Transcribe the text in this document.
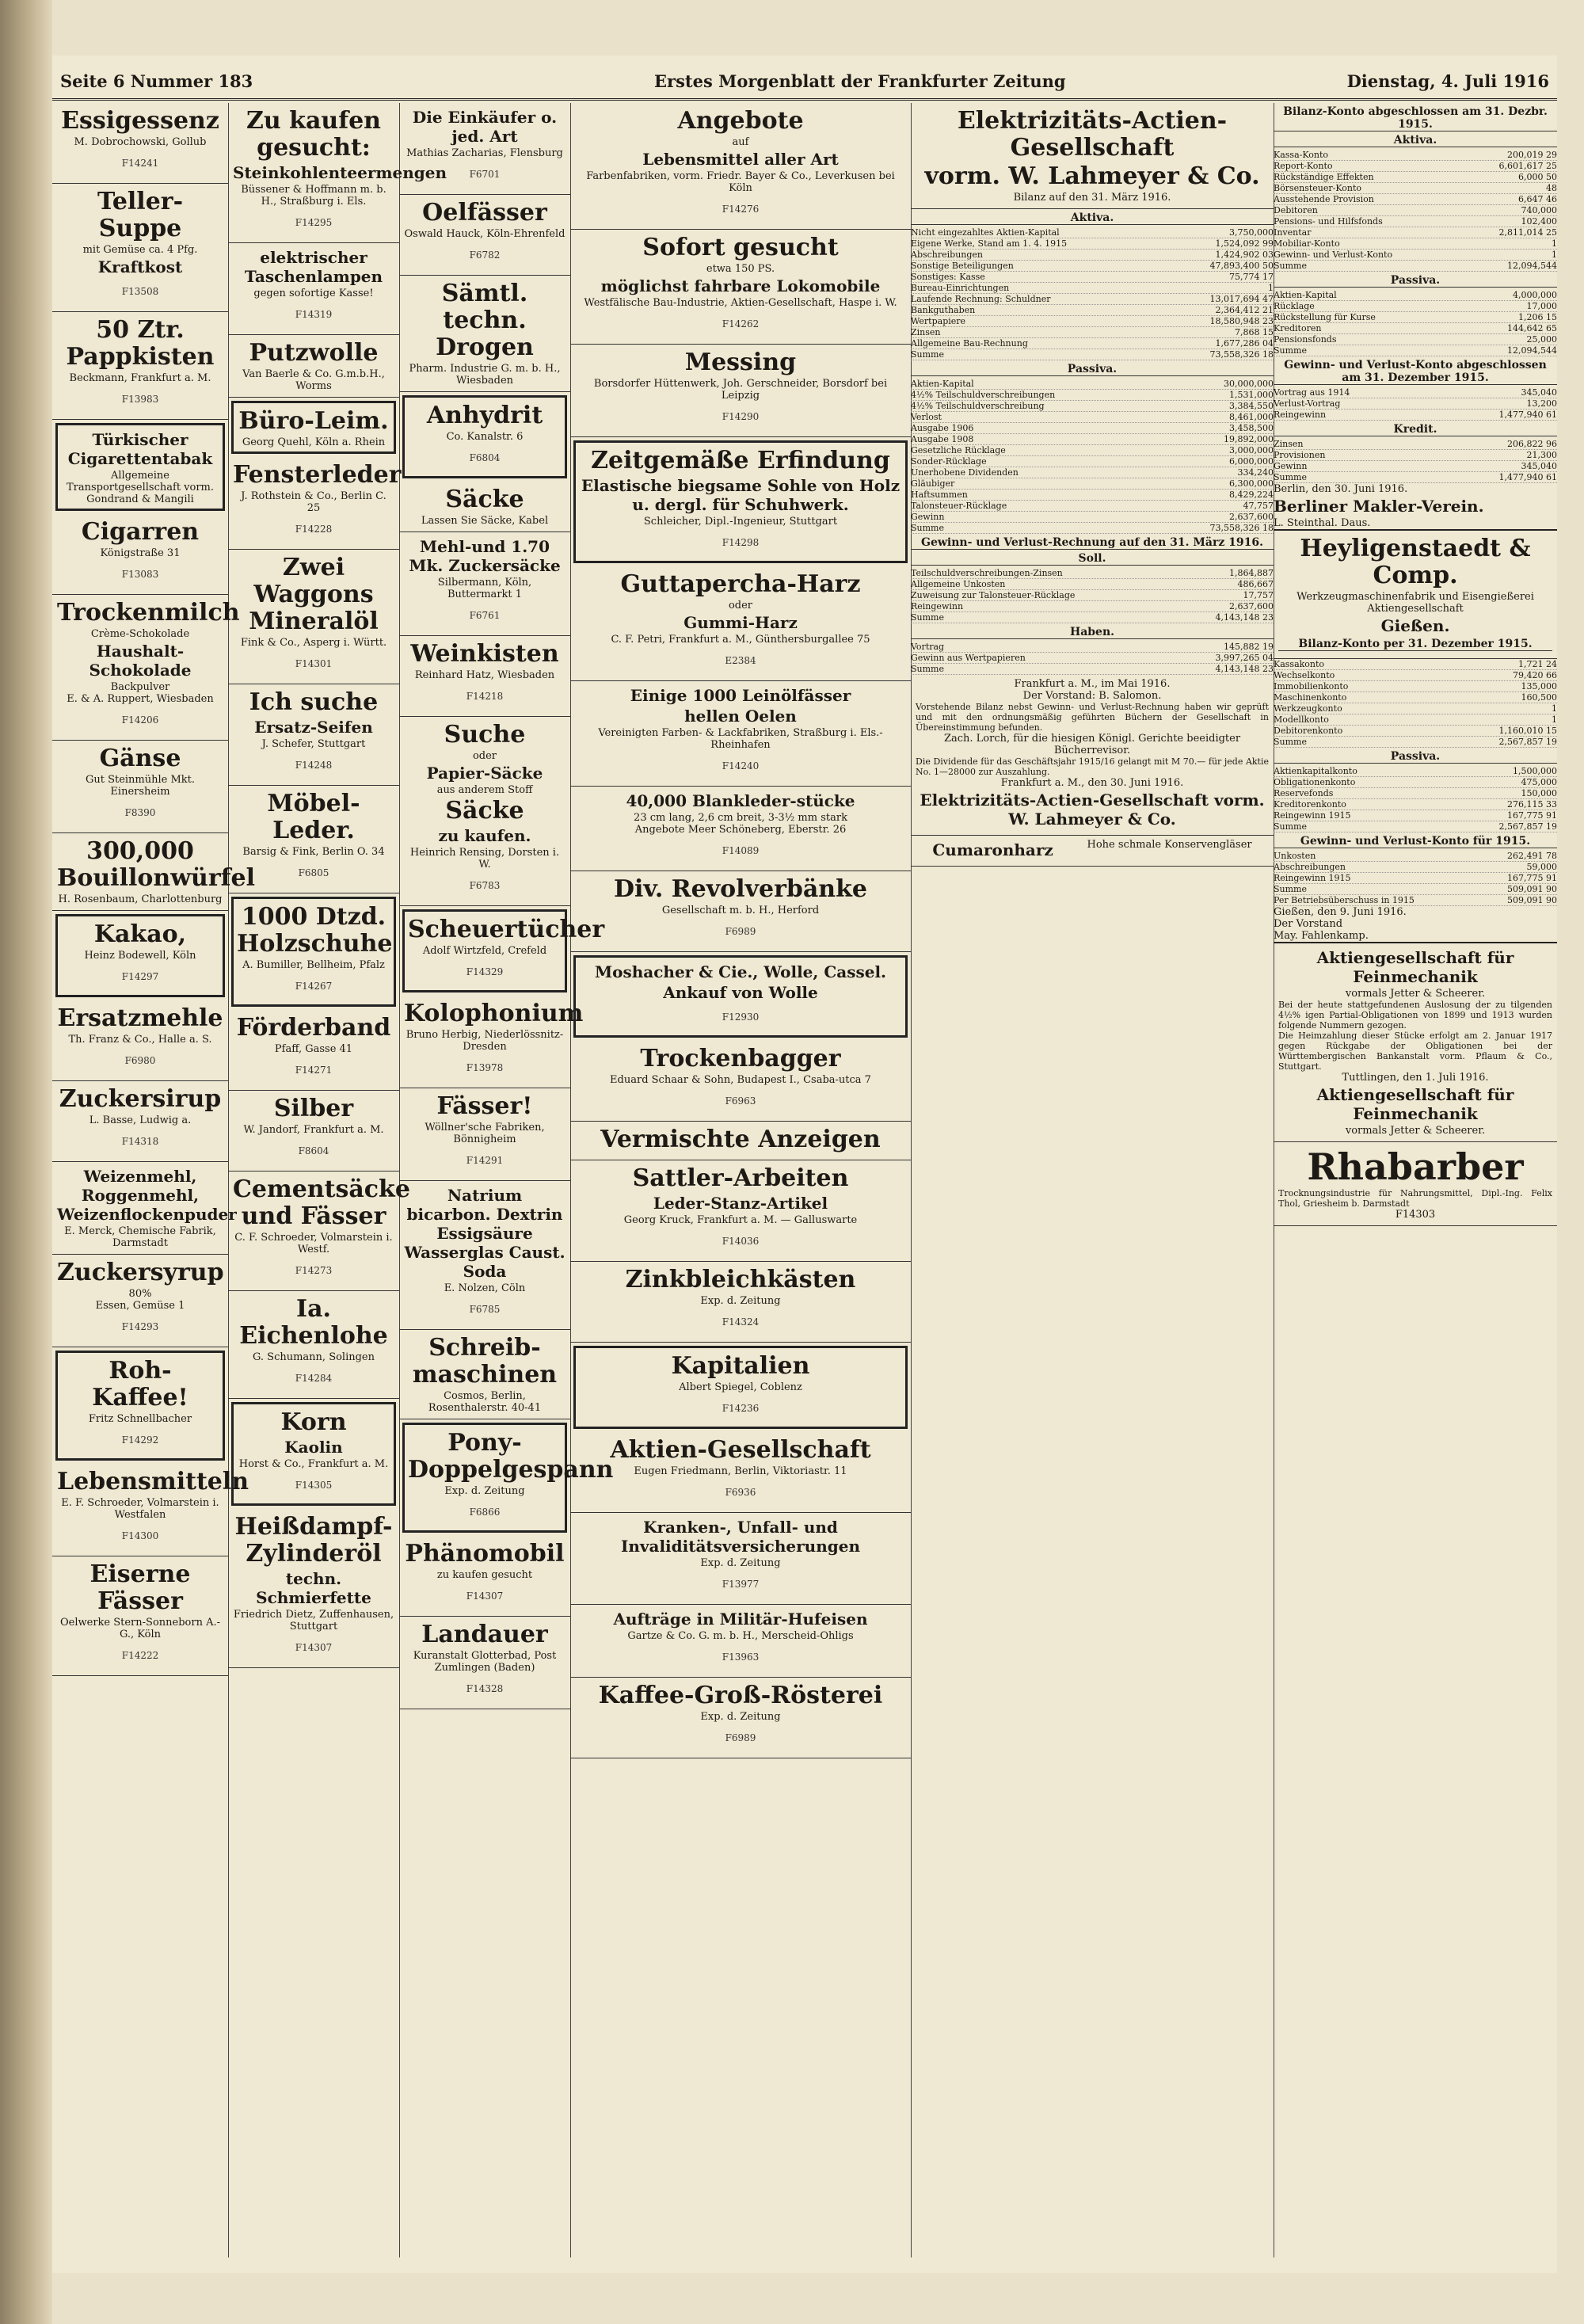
Seite 6 Nummer 183	Erstes Morgenblatt der Frankfurter Zeitung	Dienstag, 4. Juli 1916

Essigessenz

M. Dobrochowski, Gollub

F14241

Teller-Suppe

mit Gemüse ca. 4 Pfg.

Kraftkost

F13508

50 Ztr. Pappkisten

Beckmann, Frankfurt a. M.

F13983

Türkischer Cigarettentabak

Allgemeine Transportgesellschaft vorm. Gondrand & Mangili

Cigarren

Königstraße 31

F13083

Trockenmilch

Crème-Schokolade

Haushalt-Schokolade

Backpulver

E. & A. Ruppert, Wiesbaden

F14206

Gänse

Gut Steinmühle Mkt. Einersheim

F8390

300,000 Bouillonwürfel

H. Rosenbaum, Charlottenburg

Kakao,

Heinz Bodewell, Köln

F14297

Ersatzmehle

Th. Franz & Co., Halle a. S.

F6980

Zuckersirup

L. Basse, Ludwig a.

F14318

Weizenmehl, Roggenmehl, Weizenflockenpuder

E. Merck, Chemische Fabrik, Darmstadt

Zuckersyrup

80%

Essen, Gemüse 1

F14293

Roh-Kaffee!

Fritz Schnellbacher

F14292

Lebensmitteln

E. F. Schroeder, Volmarstein i. Westfalen

F14300

Eiserne Fässer

Oelwerke Stern-Sonneborn A.-G., Köln

F14222

Zu kaufen gesucht:

Steinkohlenteermengen

Büssener & Hoffmann m. b. H., Straßburg i. Els.

F14295

elektrischer Taschenlampen

gegen sofortige Kasse!

F14319

Putzwolle

Van Baerle & Co. G.m.b.H., Worms

Büro-Leim.

Georg Quehl, Köln a. Rhein

Fensterleder

J. Rothstein & Co., Berlin C. 25

F14228

Zwei Waggons Mineralöl

Fink & Co., Asperg i. Württ.

F14301

Ich suche

Ersatz-Seifen

J. Schefer, Stuttgart

F14248

Möbel-Leder.

Barsig & Fink, Berlin O. 34

F6805

1000 Dtzd. Holzschuhe

A. Bumiller, Bellheim, Pfalz

F14267

Förderband

Pfaff, Gasse 41

F14271

Silber

W. Jandorf, Frankfurt a. M.

F8604

Cementsäcke und Fässer

C. F. Schroeder, Volmarstein i. Westf.

F14273

Ia. Eichenlohe

G. Schumann, Solingen

F14284

Korn

Kaolin

Horst & Co., Frankfurt a. M.

F14305

Heißdampf-Zylinderöl

techn. Schmierfette

Friedrich Dietz, Zuffenhausen, Stuttgart

F14307

Die Einkäufer o. jed. Art

Mathias Zacharias, Flensburg

F6701

Oelfässer

Oswald Hauck, Köln-Ehrenfeld

F6782

Sämtl. techn. Drogen

Pharm. Industrie G. m. b. H., Wiesbaden

Anhydrit

Co. Kanalstr. 6

F6804

Säcke

Lassen Sie Säcke, Kabel

Mehl-und 1.70 Mk. Zuckersäcke

Silbermann, Köln, Buttermarkt 1

F6761

Weinkisten

Reinhard Hatz, Wiesbaden

F14218

Suche

oder

Papier-Säcke

aus anderem Stoff

Säcke

zu kaufen.

Heinrich Rensing, Dorsten i. W.

F6783

Scheuertücher

Adolf Wirtzfeld, Crefeld

F14329

Kolophonium

Bruno Herbig, Niederlössnitz-Dresden

F13978

Fässer!

Wöllner'sche Fabriken, Bönnigheim

F14291

Natrium bicarbon. Dextrin Essigsäure Wasserglas Caust. Soda

E. Nolzen, Cöln

F6785

Schreib-maschinen

Cosmos, Berlin, Rosenthalerstr. 40-41

Pony-Doppelgespann

Exp. d. Zeitung

F6866

Phänomobil

zu kaufen gesucht

F14307

Landauer

Kuranstalt Glotterbad, Post Zumlingen (Baden)

F14328

Angebote

auf

Lebensmittel aller Art

Farbenfabriken, vorm. Friedr. Bayer & Co., Leverkusen bei Köln

F14276

Sofort gesucht

etwa 150 PS.

möglichst fahrbare Lokomobile

Westfälische Bau-Industrie, Aktien-Gesellschaft, Haspe i. W.

F14262

Messing

Borsdorfer Hüttenwerk, Joh. Gerschneider, Borsdorf bei Leipzig

F14290

Zeitgemäße Erfindung

Elastische biegsame Sohle von Holz u. dergl. für Schuhwerk.

Schleicher, Dipl.-Ingenieur, Stuttgart

F14298

Guttapercha-Harz

oder

Gummi-Harz

C. F. Petri, Frankfurt a. M., Günthersburgallee 75

E2384

Einige 1000 Leinölfässer

hellen Oelen

Vereinigten Farben- & Lackfabriken, Straßburg i. Els.-Rheinhafen

F14240

40,000 Blankleder-stücke

23 cm lang, 2,6 cm breit, 3-3½ mm stark

Angebote Meer Schöneberg, Eberstr. 26

F14089

Div. Revolverbänke

Gesellschaft m. b. H., Herford

F6989

Moshacher & Cie., Wolle, Cassel.

Ankauf von Wolle

F12930

Trockenbagger

Eduard Schaar & Sohn, Budapest I., Csaba-utca 7

F6963

Vermischte Anzeigen

Sattler-Arbeiten

Leder-Stanz-Artikel

Georg Kruck, Frankfurt a. M. — Galluswarte

F14036

Zinkbleichkästen

Exp. d. Zeitung

F14324

Kapitalien

Albert Spiegel, Coblenz

F14236

Aktien-Gesellschaft

Eugen Friedmann, Berlin, Viktoriastr. 11

F6936

Kranken-, Unfall- und Invaliditätsversicherungen

Exp. d. Zeitung

F13977

Aufträge in Militär-Hufeisen

Gartze & Co. G. m. b. H., Merscheid-Ohligs

F13963

Kaffee-Groß-Rösterei

Exp. d. Zeitung

F6989

Elektrizitäts-Actien-Gesellschaft

vorm. W. Lahmeyer & Co.

Bilanz auf den 31. März 1916.

Aktiva.

Nicht eingezahltes Aktien-Kapital	3,750,000
Eigene Werke, Stand am 1. 4. 1915	1,524,092 99
Abschreibungen	1,424,902 03
Sonstige Beteiligungen	47,893,400 50
Sonstiges: Kasse	75,774 17
Bureau-Einrichtungen	1
Laufende Rechnung: Schuldner	13,017,694 47
Bankguthaben	2,364,412 21
Wertpapiere	18,580,948 23
Zinsen	7,868 15
Allgemeine Bau-Rechnung	1,677,286 04
Summe	73,558,326 18

Passiva.

Aktien-Kapital	30,000,000
4½% Teilschuldverschreibungen	1,531,000
4½% Teilschuldverschreibung	3,384,550
Verlost	8,461,000
Ausgabe 1906	3,458,500
Ausgabe 1908	19,892,000
Gesetzliche Rücklage	3,000,000
Sonder-Rücklage	6,000,000
Unerhobene Dividenden	334,240
Gläubiger	6,300,000
Haftsummen	8,429,224
Talonsteuer-Rücklage	47,757
Gewinn	2,637,600
Summe	73,558,326 18

Gewinn- und Verlust-Rechnung auf den 31. März 1916.

Soll.

Teilschuldverschreibungen-Zinsen	1,864,887
Allgemeine Unkosten	486,667
Zuweisung zur Talonsteuer-Rücklage	17,757
Reingewinn	2,637,600
Summe	4,143,148 23

Haben.

Vortrag	145,882 19
Gewinn aus Wertpapieren	3,997,265 04
Summe	4,143,148 23

Frankfurt a. M., im Mai 1916.

Der Vorstand: B. Salomon.

Vorstehende Bilanz nebst Gewinn- und Verlust-Rechnung haben wir geprüft und mit den ordnungsmäßig geführten Büchern der Gesellschaft in Übereinstimmung befunden.

Zach. Lorch, für die hiesigen Königl. Gerichte beeidigter Bücherrevisor.

Die Dividende für das Geschäftsjahr 1915/16 gelangt mit M 70.— für jede Aktie No. 1—28000 zur Auszahlung.

Frankfurt a. M., den 30. Juni 1916.

Elektrizitäts-Actien-Gesellschaft vorm. W. Lahmeyer & Co.

Cumaronharz	Hohe schmale Konservengläser

Bilanz-Konto abgeschlossen am 31. Dezbr. 1915.

Aktiva.

Kassa-Konto	200,019 29
Report-Konto	6,601,617 25
Rückständige Effekten	6,000 50
Börsensteuer-Konto	48
Ausstehende Provision	6,647 46
Debitoren	740,000
Pensions- und Hilfsfonds	102,400
Inventar	2,811,014 25
Mobiliar-Konto	1
Gewinn- und Verlust-Konto	1
Summe	12,094,544

Passiva.

Aktien-Kapital	4,000,000
Rücklage	17,000
Rückstellung für Kurse	1,206 15
Kreditoren	144,642 65
Pensionsfonds	25,000
Summe	12,094,544

Gewinn- und Verlust-Konto abgeschlossen am 31. Dezember 1915.

Vortrag aus 1914	345,040
Verlust-Vortrag	13,200
Reingewinn	1,477,940 61

Kredit.

Zinsen	206,822 96
Provisionen	21,300
Gewinn	345,040
Summe	1,477,940 61

Berlin, den 30. Juni 1916.

Berliner Makler-Verein.

L. Steinthal. Daus.

Heyligenstaedt & Comp.

Werkzeugmaschinenfabrik und Eisengießerei

Aktiengesellschaft

Gießen.

Bilanz-Konto per 31. Dezember 1915.

Kassakonto	1,721 24
Wechselkonto	79,420 66
Immobilienkonto	135,000
Maschinenkonto	160,500
Werkzeugkonto	1
Modellkonto	1
Debitorenkonto	1,160,010 15
Summe	2,567,857 19

Passiva.

Aktienkapitalkonto	1,500,000
Obligationenkonto	475,000
Reservefonds	150,000
Kreditorenkonto	276,115 33
Reingewinn 1915	167,775 91
Summe	2,567,857 19

Gewinn- und Verlust-Konto für 1915.

Unkosten	262,491 78
Abschreibungen	59,000
Reingewinn 1915	167,775 91
Summe	509,091 90
Per Betriebsüberschuss in 1915	509,091 90

Gießen, den 9. Juni 1916.

Der Vorstand

May. Fahlenkamp.

Aktiengesellschaft für Feinmechanik

vormals Jetter & Scheerer.

Bei der heute stattgefundenen Auslosung der zu tilgenden 4½% igen Partial-Obligationen von 1899 und 1913 wurden folgende Nummern gezogen.

Die Heimzahlung dieser Stücke erfolgt am 2. Januar 1917 gegen Rückgabe der Obligationen bei der Württembergischen Bankanstalt vorm. Pflaum & Co., Stuttgart.

Tuttlingen, den 1. Juli 1916.

Aktiengesellschaft für Feinmechanik

vormals Jetter & Scheerer.

Rhabarber

Trocknungsindustrie für Nahrungsmittel, Dipl.-Ing. Felix Thol, Griesheim b. Darmstadt

F14303
